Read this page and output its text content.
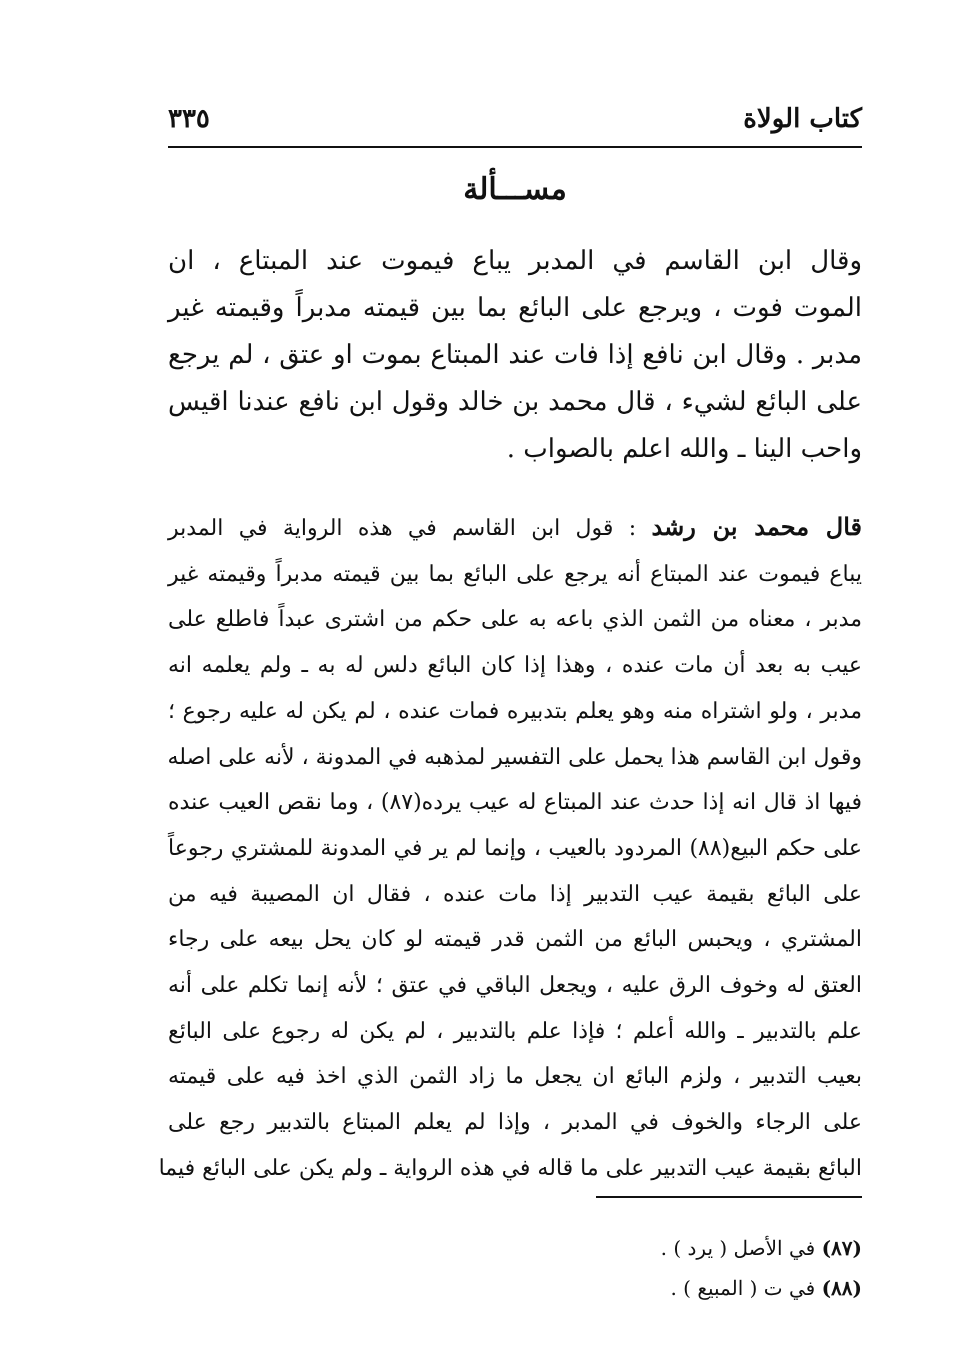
كتاب الولاة
٣٣٥
مســـألة
وقال ابن القاسم في المدبر يباع فيموت عند المبتاع ، ان
الموت فوت ، ويرجع على البائع بما بين قيمته مدبراً وقيمته غير
مدبر . وقال ابن نافع إذا فات عند المبتاع بموت او عتق ، لم يرجع
على البائع لشيء ، قال محمد بن خالد وقول ابن نافع عندنا اقيس
واحب الينا ـ والله اعلم بالصواب .
قال محمد بن رشد : قول ابن القاسم في هذه الرواية في المدبر
يباع فيموت عند المبتاع أنه يرجع على البائع بما بين قيمته مدبراً وقيمته غير
مدبر ، معناه من الثمن الذي باعه به على حكم من اشترى عبداً فاطلع على
عيب به بعد أن مات عنده ، وهذا إذا كان البائع دلس له به ـ ولم يعلمه انه
مدبر ، ولو اشتراه منه وهو يعلم بتدبيره فمات عنده ، لم يكن له عليه رجوع ؛
وقول ابن القاسم هذا يحمل على التفسير لمذهبه في المدونة ، لأنه على اصله
فيها اذ قال انه إذا حدث عند المبتاع له عيب يرده(٨٧) ، وما نقص العيب عنده
على حكم البيع(٨٨) المردود بالعيب ، وإنما لم ير في المدونة للمشتري رجوعاً
على البائع بقيمة عيب التدبير إذا مات عنده ، فقال ان المصيبة فيه من
المشتري ، ويحبس البائع من الثمن قدر قيمته لو كان يحل بيعه على رجاء
العتق له وخوف الرق عليه ، ويجعل الباقي في عتق ؛ لأنه إنما تكلم على أنه
علم بالتدبير ـ والله أعلم ؛ فإذا علم بالتدبير ، لم يكن له رجوع على البائع
بعيب التدبير ، ولزم البائع ان يجعل ما زاد الثمن الذي اخذ فيه على قيمته
على الرجاء والخوف في المدبر ، وإذا لم يعلم المبتاع بالتدبير رجع على
البائع بقيمة عيب التدبير على ما قاله في هذه الرواية ـ ولم يكن على البائع فيما
(٨٧) في الأصل ( يرد ) .
(٨٨) في ت ( المبيع ) .
